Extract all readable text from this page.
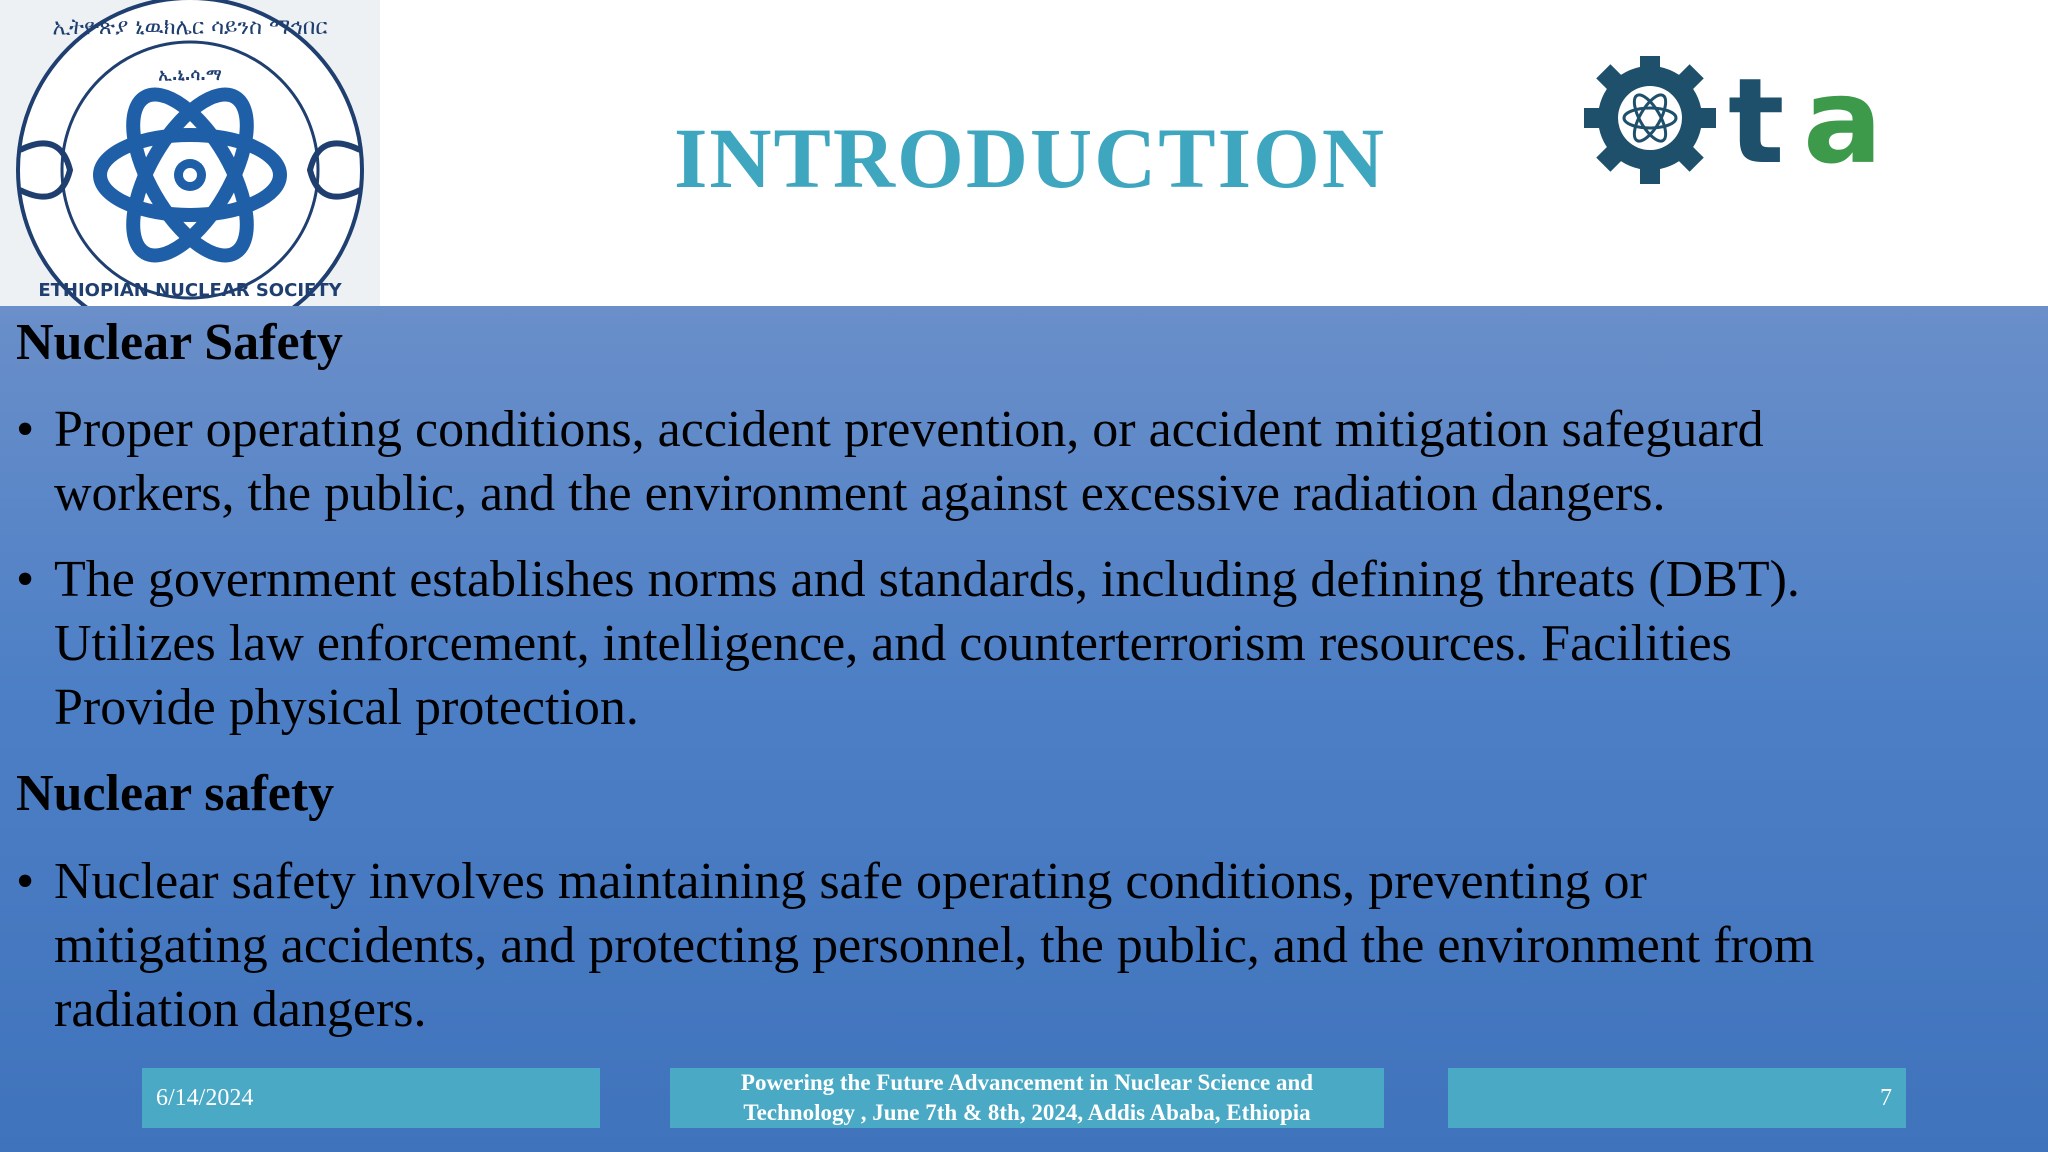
ኢ.ኒ.ሳ.ማ
ኢትዮጵያ ኒዉክሌር ሳይንስ ማኅበር
ETHIOPIAN NUCLEAR SOCIETY
INTRODUCTION	t a
Nuclear Safety
• Proper operating conditions, accident prevention, or accident mitigation safeguard
workers, the public, and the environment against excessive radiation dangers.
• The government establishes norms and standards, including defining threats (DBT).
Utilizes law enforcement, intelligence, and counterterrorism resources. Facilities
Provide physical protection.
Nuclear safety
• Nuclear safety involves maintaining safe operating conditions, preventing or
mitigating accidents, and protecting personnel, the public, and the environment from
radiation dangers.
6/14/2024
Powering the Future Advancement in Nuclear Science and
Technology , June 7th & 8th, 2024, Addis Ababa, Ethiopia
7
